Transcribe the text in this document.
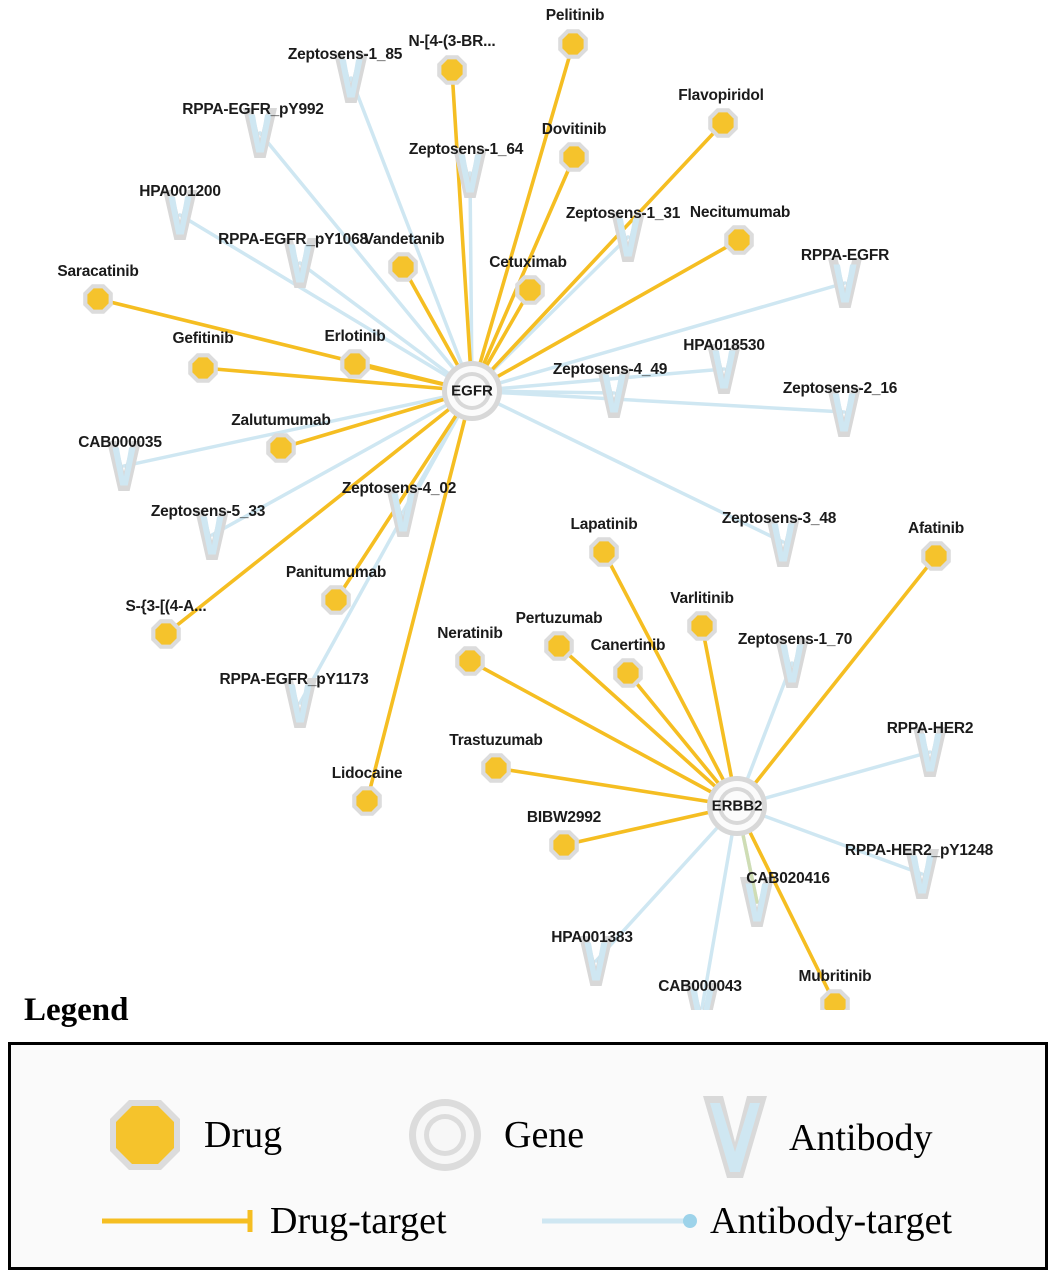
Pelitinib
N-[4-(3-BR...
Flavopiridol
Dovitinib
Necitumumab
Vandetanib
Cetuximab
Saracatinib
Erlotinib
Gefitinib
Zalutumumab
Lapatinib	Afatinib
Varlitinib
Panitumumab
S-{3-[(4-A...
Pertuzumab
Neratinib
Canertinib
Trastuzumab
Lidocaine
BIBW2992
Mubritinib
Zeptosens-1_85
RPPA-EGFR_pY992
Zeptosens-1_64
HPA001200
Zeptosens-1_31
RPPA-EGFR_pY1068
RPPA-EGFR
HPA018530
Zeptosens-4_49
Zeptosens-2_16
CAB000035
Zeptosens-4_02
Zeptosens-5_33	Zeptosens-3_48
Zeptosens-1_70
RPPA-EGFR_pY1173
RPPA-HER2
RPPA-HER2_pY1248
CAB020416
HPA001383
CAB000043
EGFR
ERBB2
Legend
Drug	Gene	Antibody
Drug-target	Antibody-target
